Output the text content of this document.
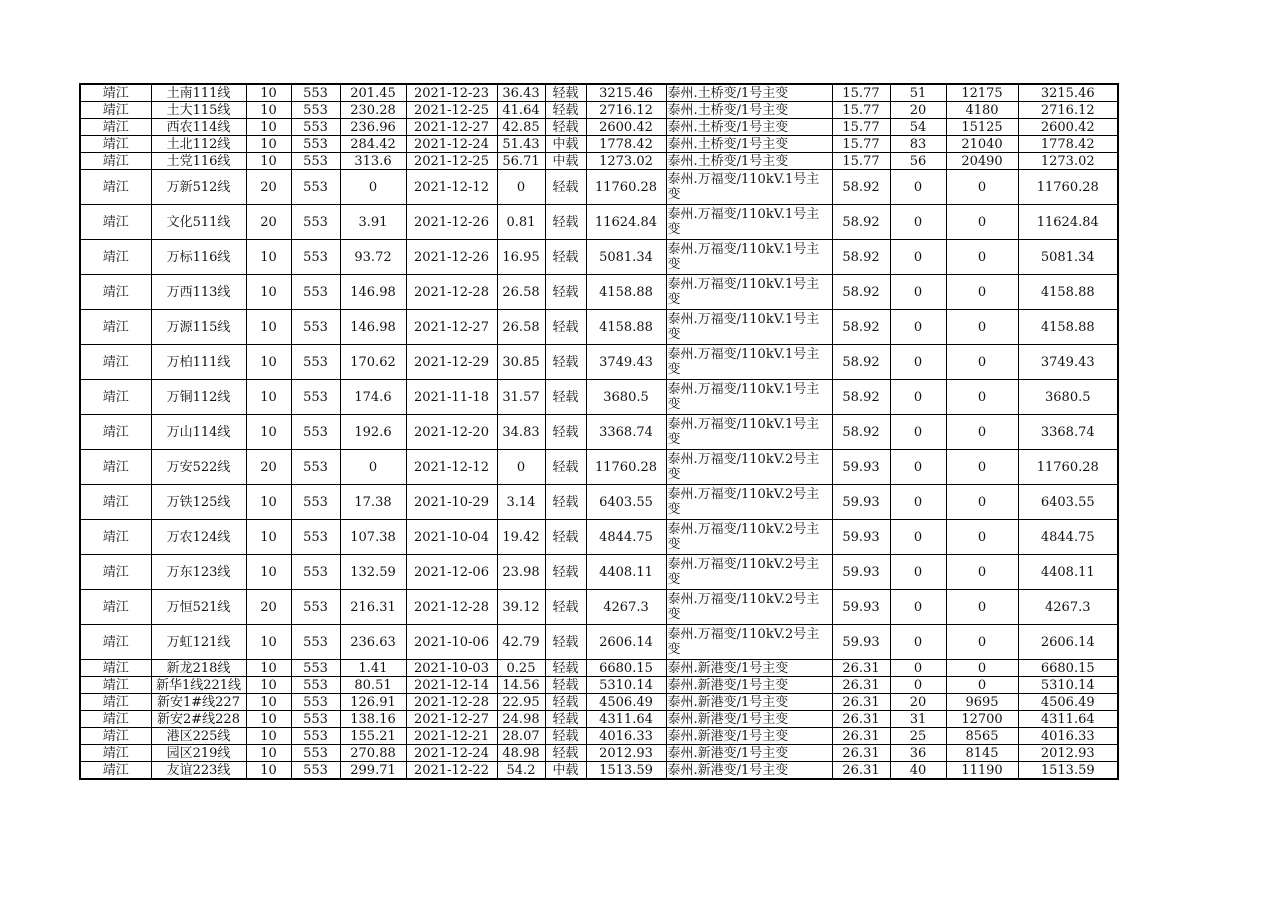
靖江	土南111线	10	553	201.45	2021-12-23	36.43	轻载	3215.46	泰州.土桥变/1号主变	15.77	51	12175	3215.46
靖江	土大115线	10	553	230.28	2021-12-25	41.64	轻载	2716.12	泰州.土桥变/1号主变	15.77	20	4180	2716.12
靖江	西农114线	10	553	236.96	2021-12-27	42.85	轻载	2600.42	泰州.土桥变/1号主变	15.77	54	15125	2600.42
靖江	土北112线	10	553	284.42	2021-12-24	51.43	中载	1778.42	泰州.土桥变/1号主变	15.77	83	21040	1778.42
靖江	土党116线	10	553	313.6	2021-12-25	56.71	中载	1273.02	泰州.土桥变/1号主变	15.77	56	20490	1273.02
靖江	万新512线	20	553	0	2021-12-12	0	轻载	11760.28	泰州.万福变/110kV.1号主变	58.92	0	0	11760.28
靖江	文化511线	20	553	3.91	2021-12-26	0.81	轻载	11624.84	泰州.万福变/110kV.1号主变	58.92	0	0	11624.84
靖江	万标116线	10	553	93.72	2021-12-26	16.95	轻载	5081.34	泰州.万福变/110kV.1号主变	58.92	0	0	5081.34
靖江	万西113线	10	553	146.98	2021-12-28	26.58	轻载	4158.88	泰州.万福变/110kV.1号主变	58.92	0	0	4158.88
靖江	万源115线	10	553	146.98	2021-12-27	26.58	轻载	4158.88	泰州.万福变/110kV.1号主变	58.92	0	0	4158.88
靖江	万柏111线	10	553	170.62	2021-12-29	30.85	轻载	3749.43	泰州.万福变/110kV.1号主变	58.92	0	0	3749.43
靖江	万铜112线	10	553	174.6	2021-11-18	31.57	轻载	3680.5	泰州.万福变/110kV.1号主变	58.92	0	0	3680.5
靖江	万山114线	10	553	192.6	2021-12-20	34.83	轻载	3368.74	泰州.万福变/110kV.1号主变	58.92	0	0	3368.74
靖江	万安522线	20	553	0	2021-12-12	0	轻载	11760.28	泰州.万福变/110kV.2号主变	59.93	0	0	11760.28
靖江	万铁125线	10	553	17.38	2021-10-29	3.14	轻载	6403.55	泰州.万福变/110kV.2号主变	59.93	0	0	6403.55
靖江	万农124线	10	553	107.38	2021-10-04	19.42	轻载	4844.75	泰州.万福变/110kV.2号主变	59.93	0	0	4844.75
靖江	万东123线	10	553	132.59	2021-12-06	23.98	轻载	4408.11	泰州.万福变/110kV.2号主变	59.93	0	0	4408.11
靖江	万恒521线	20	553	216.31	2021-12-28	39.12	轻载	4267.3	泰州.万福变/110kV.2号主变	59.93	0	0	4267.3
靖江	万虹121线	10	553	236.63	2021-10-06	42.79	轻载	2606.14	泰州.万福变/110kV.2号主变	59.93	0	0	2606.14
靖江	新龙218线	10	553	1.41	2021-10-03	0.25	轻载	6680.15	泰州.新港变/1号主变	26.31	0	0	6680.15
靖江	新华1线221线	10	553	80.51	2021-12-14	14.56	轻载	5310.14	泰州.新港变/1号主变	26.31	0	0	5310.14
靖江	新安1#线227	10	553	126.91	2021-12-28	22.95	轻载	4506.49	泰州.新港变/1号主变	26.31	20	9695	4506.49
靖江	新安2#线228	10	553	138.16	2021-12-27	24.98	轻载	4311.64	泰州.新港变/1号主变	26.31	31	12700	4311.64
靖江	港区225线	10	553	155.21	2021-12-21	28.07	轻载	4016.33	泰州.新港变/1号主变	26.31	25	8565	4016.33
靖江	园区219线	10	553	270.88	2021-12-24	48.98	轻载	2012.93	泰州.新港变/1号主变	26.31	36	8145	2012.93
靖江	友谊223线	10	553	299.71	2021-12-22	54.2	中载	1513.59	泰州.新港变/1号主变	26.31	40	11190	1513.59
